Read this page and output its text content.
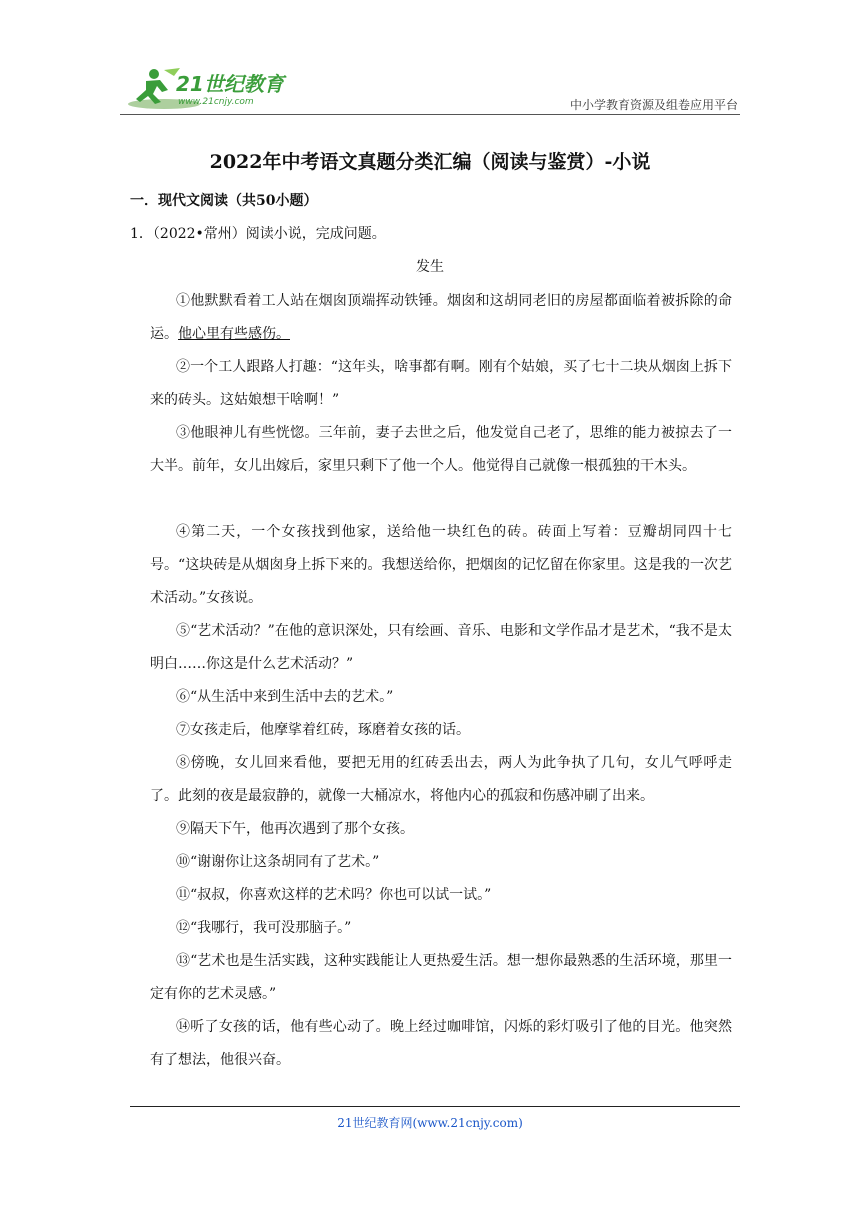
21世纪教育
www.21cnjy.com	中小学教育资源及组卷应用平台
2022年中考语文真题分类汇编（阅读与鉴赏）-小说
一．现代文阅读（共50小题）
1．（2022•常州）阅读小说，完成问题。
发生

①他默默看着工人站在烟囱顶端挥动铁锤。烟囱和这胡同老旧的房屋都面临着被拆除的命运。他心里有些感伤。

②一个工人跟路人打趣：“这年头，啥事都有啊。刚有个姑娘，买了七十二块从烟囱上拆下来的砖头。这姑娘想干啥啊！”

③他眼神儿有些恍惚。三年前，妻子去世之后，他发觉自己老了，思维的能力被掠去了一大半。前年，女儿出嫁后，家里只剩下了他一个人。他觉得自己就像一根孤独的干木头。

④第二天，一个女孩找到他家，送给他一块红色的砖。砖面上写着：豆瓣胡同四十七号。“这块砖是从烟囱身上拆下来的。我想送给你，把烟囱的记忆留在你家里。这是我的一次艺术活动。”女孩说。

⑤“艺术活动？”在他的意识深处，只有绘画、音乐、电影和文学作品才是艺术，“我不是太明白……你这是什么艺术活动？”

⑥“从生活中来到生活中去的艺术。”

⑦女孩走后，他摩挲着红砖，琢磨着女孩的话。

⑧傍晚，女儿回来看他，要把无用的红砖丢出去，两人为此争执了几句，女儿气呼呼走了。此刻的夜是最寂静的，就像一大桶凉水，将他内心的孤寂和伤感冲刷了出来。

⑨隔天下午，他再次遇到了那个女孩。

⑩“谢谢你让这条胡同有了艺术。”

⑪“叔叔，你喜欢这样的艺术吗？你也可以试一试。”

⑫“我哪行，我可没那脑子。”

⑬“艺术也是生活实践，这种实践能让人更热爱生活。想一想你最熟悉的生活环境，那里一定有你的艺术灵感。”

⑭听了女孩的话，他有些心动了。晚上经过咖啡馆，闪烁的彩灯吸引了他的目光。他突然有了想法，他很兴奋。

21世纪教育网(www.21cnjy.com)
